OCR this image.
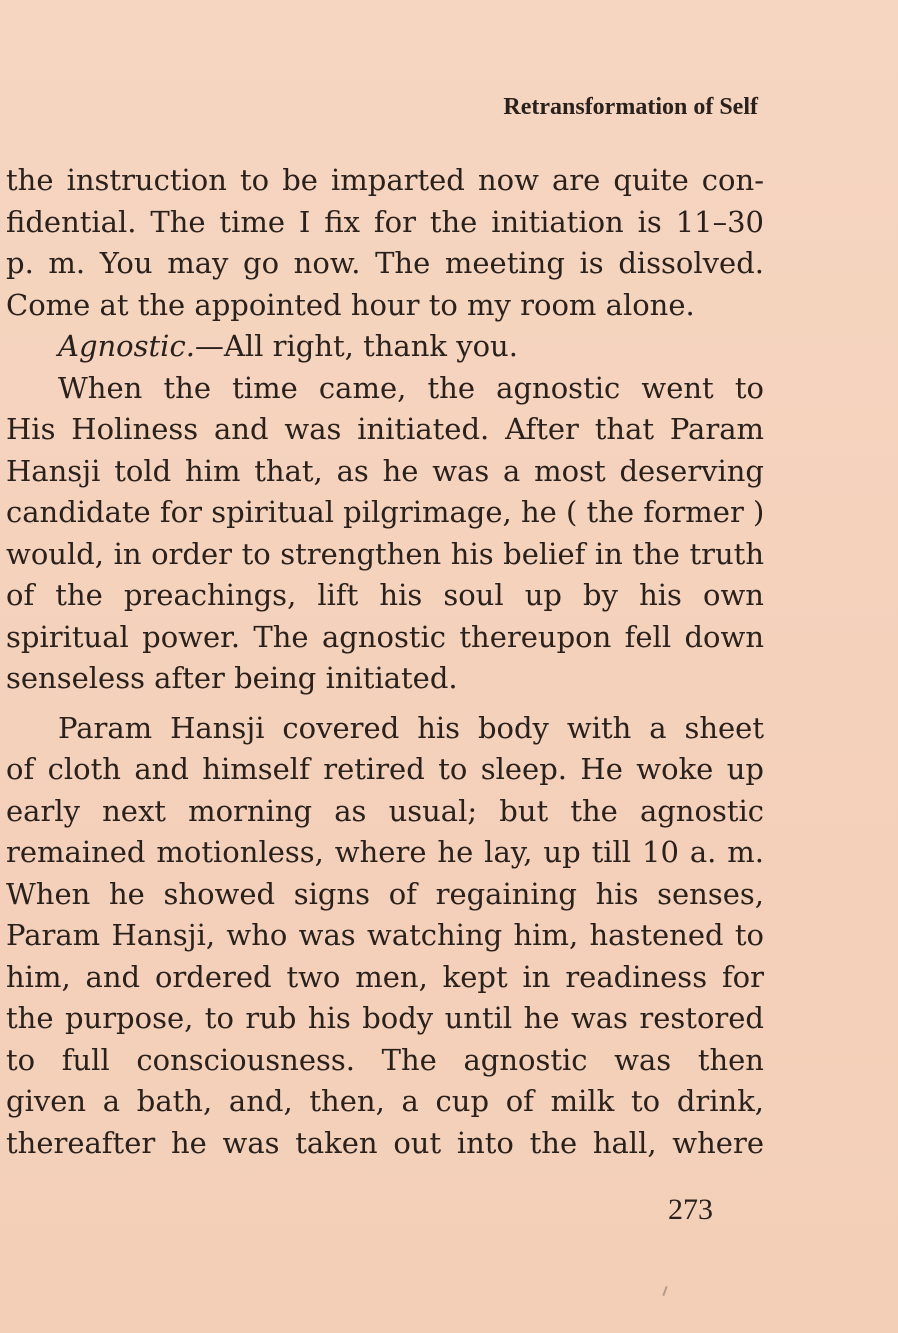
Retransformation of Self
the instruction to be imparted now are quite con-
fidential. The time I fix for the initiation is 11–30
p. m. You may go now. The meeting is dissolved.
Come at the appointed hour to my room alone.
Agnostic.—All right, thank you.
When the time came, the agnostic went to
His Holiness and was initiated. After that Param
Hansji told him that, as he was a most deserving
candidate for spiritual pilgrimage, he ( the former )
would, in order to strengthen his belief in the truth
of the preachings, lift his soul up by his own
spiritual power. The agnostic thereupon fell down
senseless after being initiated.
Param Hansji covered his body with a sheet
of cloth and himself retired to sleep. He woke up
early next morning as usual; but the agnostic
remained motionless, where he lay, up till 10 a. m.
When he showed signs of regaining his senses,
Param Hansji, who was watching him, hastened to
him, and ordered two men, kept in readiness for
the purpose, to rub his body until he was restored
to full consciousness. The agnostic was then
given a bath, and, then, a cup of milk to drink,
thereafter he was taken out into the hall, where
273
